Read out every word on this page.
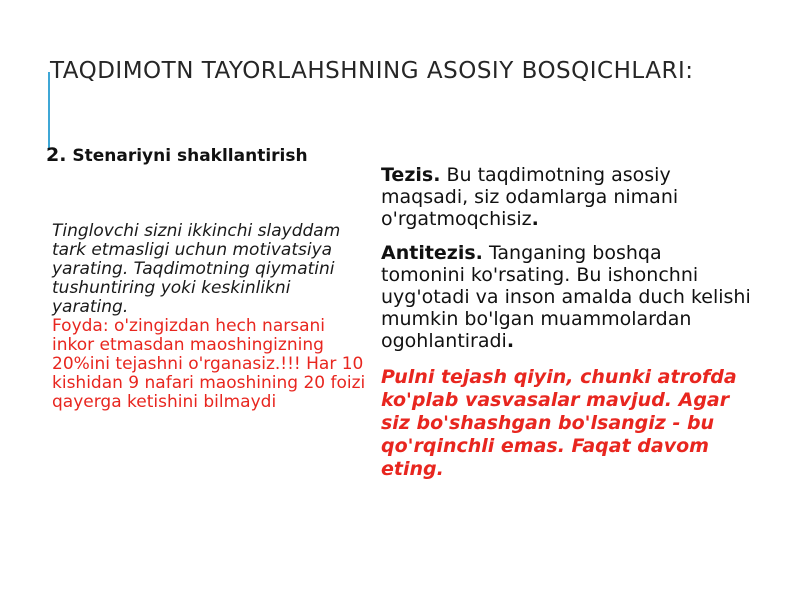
TAQDIMOTN TAYORLAHSHNING ASOSIY BOSQICHLARI:
2. Stenariyni shakllantirish

Tinglovchi sizni ikkinchi slayddam tark etmasligi uchun motivatsiya yarating. Taqdimotning qiymatini tushuntiring yoki keskinlikni yarating.

Foyda: o'zingizdan hech narsani inkor etmasdan maoshingizning 20%ini tejashni o'rganasiz.!!! Har 10 kishidan 9 nafari maoshining 20 foizi qayerga ketishini bilmaydi

Tezis. Bu taqdimotning asosiy maqsadi, siz odamlarga nimani o'rgatmoqchisiz.

Antitezis. Tanganing boshqa tomonini ko'rsating. Bu ishonchni uyg'otadi va inson amalda duch kelishi mumkin bo'lgan muammolardan ogohlantiradi.

Pulni tejash qiyin, chunki atrofda ko'plab vasvasalar mavjud. Agar siz bo'shashgan bo'lsangiz - bu qo'rqinchli emas. Faqat davom eting.
